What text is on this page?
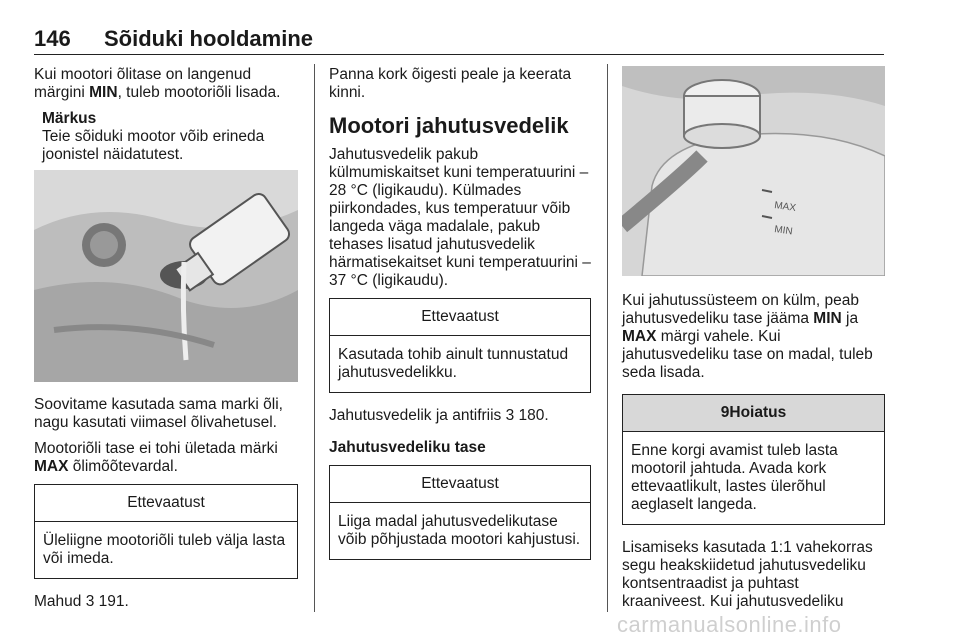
146 Sõiduki hooldamine

Kui mootori õlitase on langenud märgini MIN, tuleb mootoriõli lisada.

Märkus
Teie sõiduki mootor võib erineda joonistel näidatutest.

Soovitame kasutada sama marki õli, nagu kasutati viimasel õlivahetusel.

Mootoriõli tase ei tohi ületada märki MAX õlimõõtevardal.

Ettevaatust
Üleliigne mootoriõli tuleb välja lasta või imeda.

Mahud 3 191.

Panna kork õigesti peale ja keerata kinni.

Mootori jahutusvedelik

Jahutusvedelik pakub külmumiskaitset kuni temperatuurini –28 °C (ligikaudu). Külmades piirkondades, kus temperatuur võib langeda väga madalale, pakub tehases lisatud jahutusvedelik härmatisekaitset kuni temperatuurini –37 °C (ligikaudu).

Ettevaatust
Kasutada tohib ainult tunnustatud jahutusvedelikku.

Jahutusvedelik ja antifriis 3 180.

Jahutusvedeliku tase
Ettevaatust
Liiga madal jahutusvedelikutase võib põhjustada mootori kahjustusi.
MAX
MIN

Kui jahutussüsteem on külm, peab jahutusvedeliku tase jääma MIN ja MAX märgi vahele. Kui jahutusvedeliku tase on madal, tuleb seda lisada.

9Hoiatus
Enne korgi avamist tuleb lasta mootoril jahtuda. Avada kork ettevaatlikult, lastes ülerõhul aeglaselt langeda.

Lisamiseks kasutada 1:1 vahekorras segu heakskiidetud jahutusvedeliku kontsentraadist ja puhtast kraaniveest. Kui jahutusvedeliku

carmanualsonline.info
